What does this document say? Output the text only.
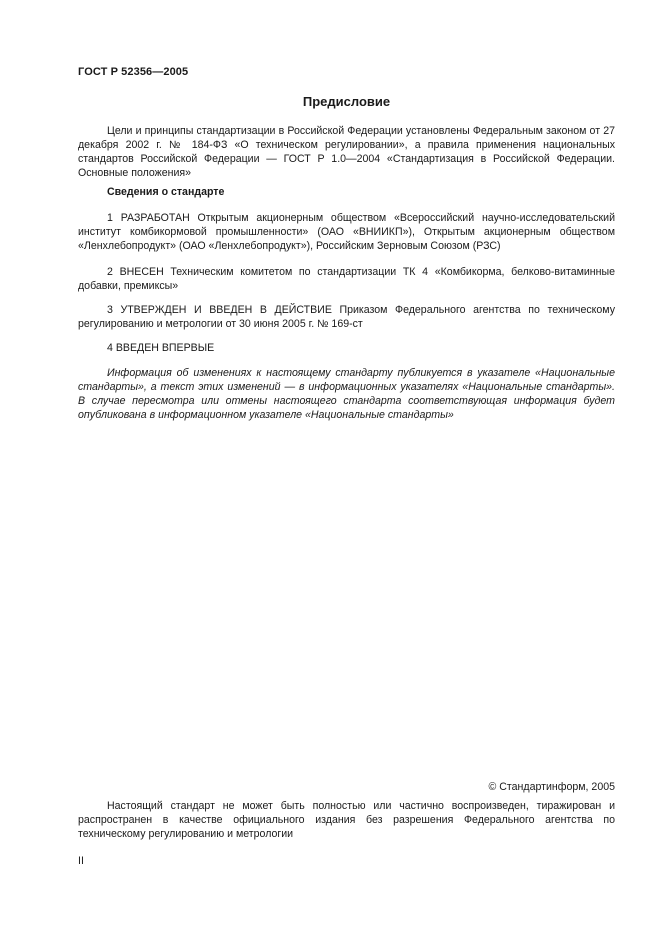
ГОСТ Р 52356—2005
Предисловие

Цели и принципы стандартизации в Российской Федерации установлены Федеральным законом от 27 декабря 2002 г. № 184-ФЗ «О техническом регулировании», а правила применения национальных стандартов Российской Федерации — ГОСТ Р 1.0—2004 «Стандартизация в Российской Федерации. Основные положения»

Сведения о стандарте

1 РАЗРАБОТАН Открытым акционерным обществом «Всероссийский научно-исследовательский институт комбикормовой промышленности» (ОАО «ВНИИКП»), Открытым акционерным обществом «Ленхлебопродукт» (ОАО «Ленхлебопродукт»), Российским Зерновым Союзом (РЗС)

2 ВНЕСЕН Техническим комитетом по стандартизации ТК 4 «Комбикорма, белково-витаминные добавки, премиксы»

3 УТВЕРЖДЕН И ВВЕДЕН В ДЕЙСТВИЕ Приказом Федерального агентства по техническому регулированию и метрологии от 30 июня 2005 г. № 169-ст

4 ВВЕДЕН ВПЕРВЫЕ

Информация об изменениях к настоящему стандарту публикуется в указателе «Национальные стандарты», а текст этих изменений — в информационных указателях «Национальные стандарты». В случае пересмотра или отмены настоящего стандарта соответствующая информация будет опубликована в информационном указателе «Национальные стандарты»

© Стандартинформ, 2005

Настоящий стандарт не может быть полностью или частично воспроизведен, тиражирован и распространен в качестве официального издания без разрешения Федерального агентства по техническому регулированию и метрологии

II
